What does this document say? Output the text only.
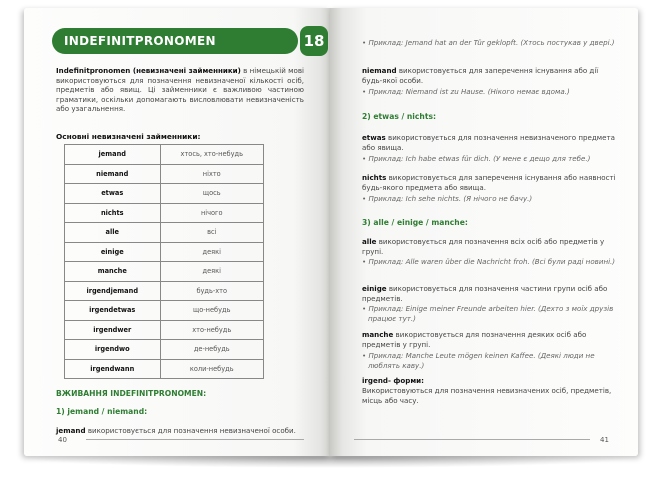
INDEFINITPRONOMEN	18
Indefinitpronomen (невизначені займенники) в німецькій мові використовуються для позначення невизначеної кількості осіб, предметів або явищ. Ці займенники є важливою частиною граматики, оскільки допомагають висловлювати невизначеність або узагальнення.
Основні невизначені займенники:
jemand	хтось, хто-небудь
niemand	ніхто
etwas	щось
nichts	нічого
alle	всі
einige	деякі
manche	деякі
irgendjemand	будь-хто
irgendetwas	що-небудь
irgendwer	хто-небудь
irgendwo	де-небудь
irgendwann	коли-небудь
ВЖИВАННЯ INDEFINITPRONOMEN:
1) jemand / niemand:
jemand використовується для позначення невизначеної особи.
40
• Приклад: Jemand hat an der Tür geklopft. (Хтось постукав у двері.)
niemand використовується для заперечення існування або дії будь-якої особи.
• Приклад: Niemand ist zu Hause. (Нікого немає вдома.)
2) etwas / nichts:
etwas використовується для позначення невизначеного предмета або явища.
• Приклад: Ich habe etwas für dich. (У мене є дещо для тебе.)
nichts використовується для заперечення існування або наявності будь-якого предмета або явища.
• Приклад: Ich sehe nichts. (Я нічого не бачу.)
3) alle / einige / manche:
alle використовується для позначення всіх осіб або предметів у групі.
• Приклад: Alle waren über die Nachricht froh. (Всі були раді новині.)
einige використовується для позначення частини групи осіб або предметів.
• Приклад: Einige meiner Freunde arbeiten hier. (Дехто з моїх друзів працює тут.)
manche використовується для позначення деяких осіб або предметів у групі.
• Приклад: Manche Leute mögen keinen Kaffee. (Деякі люди не люблять каву.)
irgend- форми:
Використовуються для позначення невизначених осіб, предметів, місць або часу.
41
